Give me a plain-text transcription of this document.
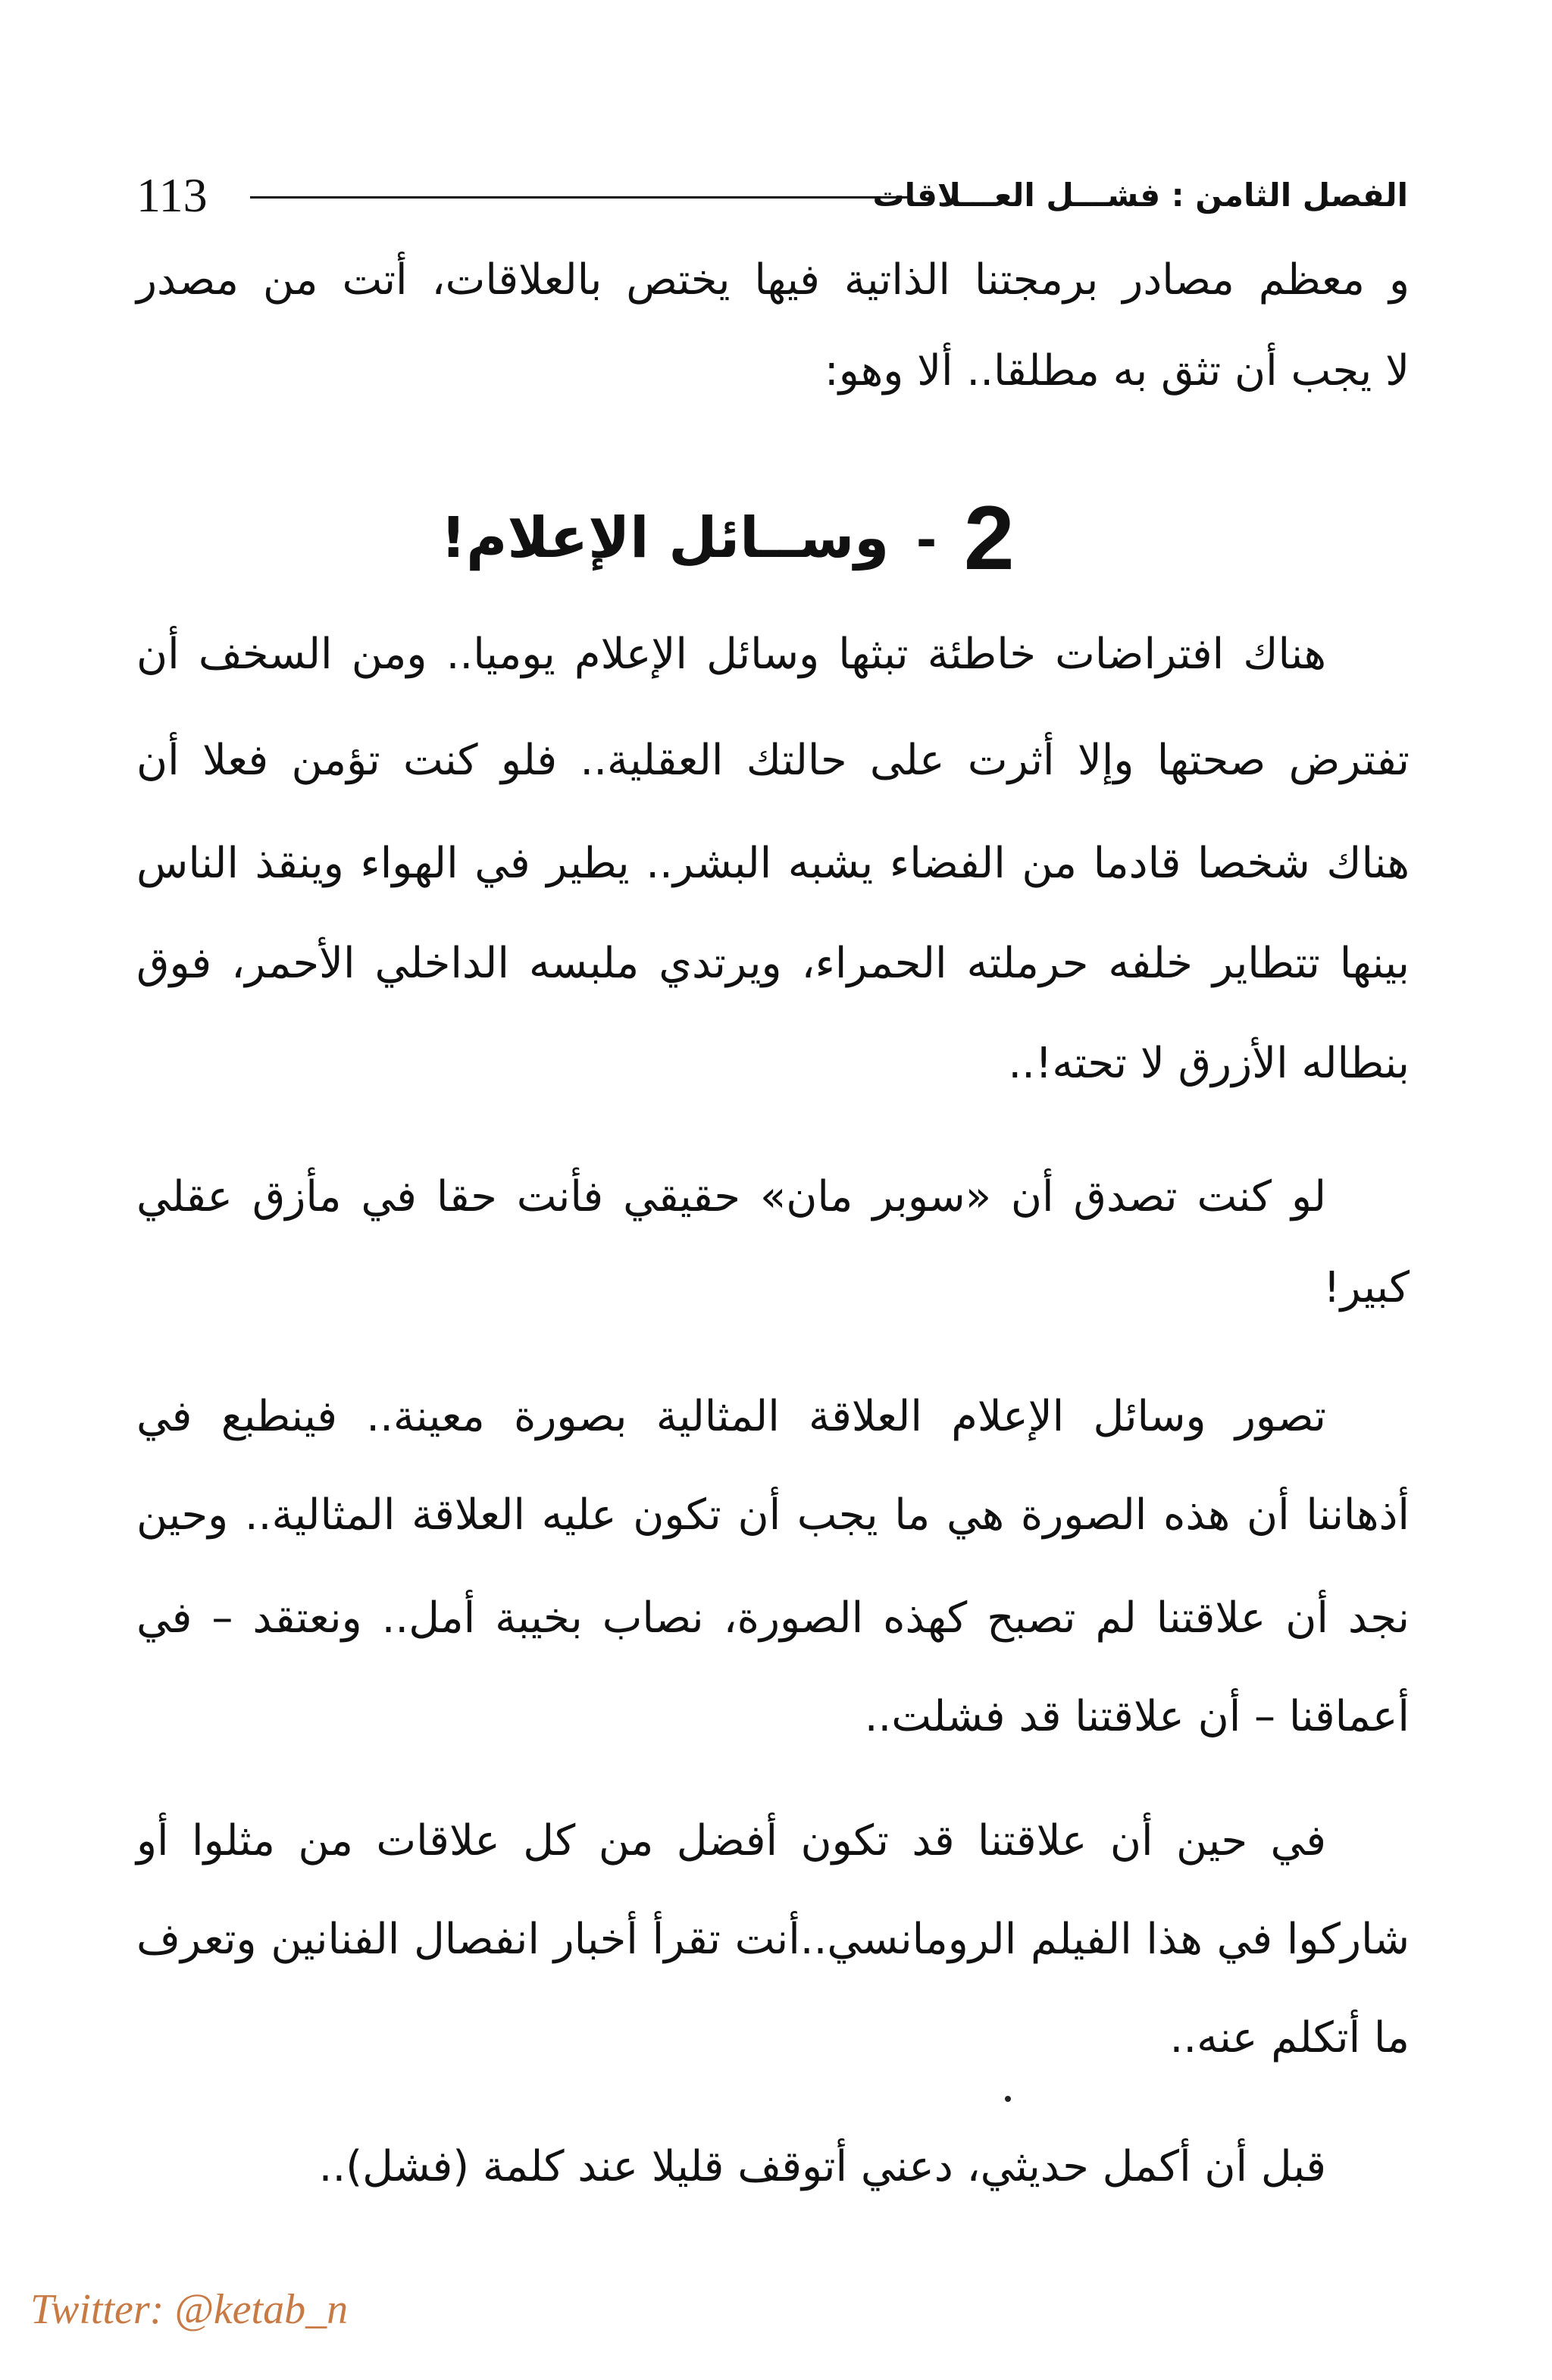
113	الفصل الثامن : فشـــل العـــلاقات
و معظم مصادر برمجتنا الذاتية فيها يختص بالعلاقات، أتت من مصدر
لا يجب أن تثق به مطلقا.. ألا وهو:
2
-
وســائل الإعلام!
هناك افتراضات خاطئة تبثها وسائل الإعلام يوميا.. ومن السخف أن
تفترض صحتها وإلا أثرت على حالتك العقلية.. فلو كنت تؤمن فعلا أن
هناك شخصا قادما من الفضاء يشبه البشر.. يطير في الهواء وينقذ الناس
بينها تتطاير خلفه حرملته الحمراء، ويرتدي ملبسه الداخلي الأحمر، فوق
بنطاله الأزرق لا تحته!..
لو كنت تصدق أن «سوبر مان» حقيقي فأنت حقا في مأزق عقلي
كبير!
تصور وسائل الإعلام العلاقة المثالية بصورة معينة.. فينطبع في
أذهاننا أن هذه الصورة هي ما يجب أن تكون عليه العلاقة المثالية.. وحين
نجد أن علاقتنا لم تصبح كهذه الصورة، نصاب بخيبة أمل.. ونعتقد – في
أعماقنا – أن علاقتنا قد فشلت..
في حين أن علاقتنا قد تكون أفضل من كل علاقات من مثلوا أو
شاركوا في هذا الفيلم الرومانسي..أنت تقرأ أخبار انفصال الفنانين وتعرف
ما أتكلم عنه..
قبل أن أكمل حديثي، دعني أتوقف قليلا عند كلمة (فشل)..
Twitter: @ketab_n
